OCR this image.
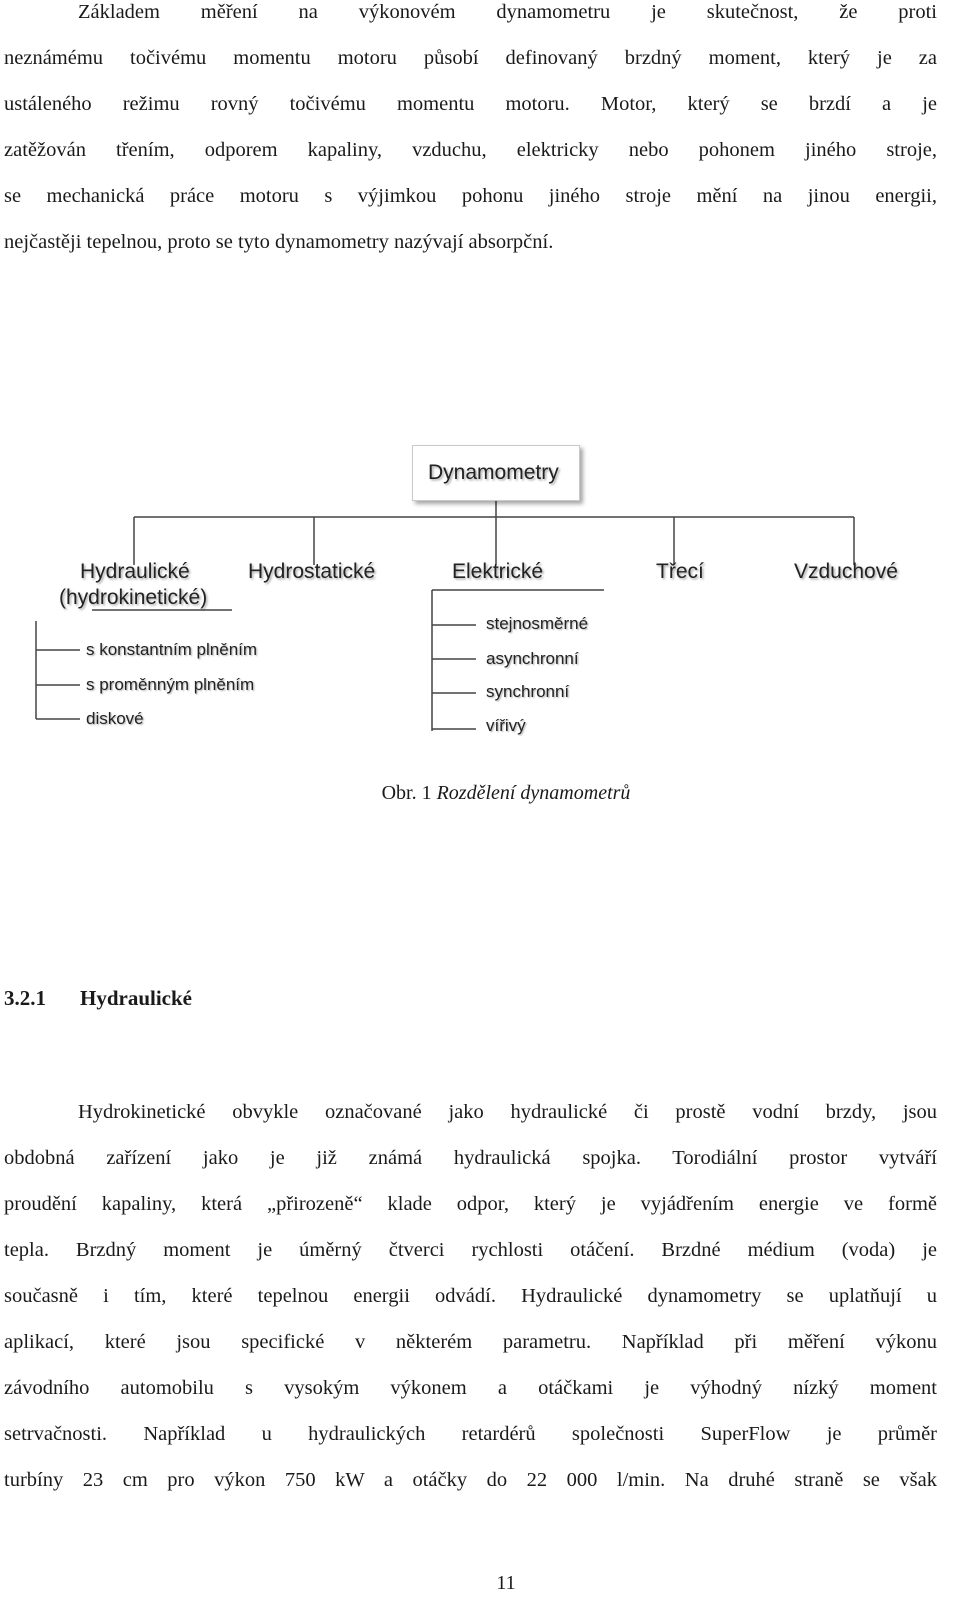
Základem měření na výkonovém dynamometru je skutečnost, že proti
neznámému točivému momentu motoru působí definovaný brzdný moment, který je za
ustáleného režimu rovný točivému momentu motoru. Motor, který se brzdí a je
zatěžován třením, odporem kapaliny, vzduchu, elektricky nebo pohonem jiného stroje,
se mechanická práce motoru s výjimkou pohonu jiného stroje mění na jinou energii,
nejčastěji tepelnou, proto se tyto dynamometry nazývají absorpční.
Dynamometry
Hydraulické
(hydrokinetické)
Hydrostatické	Elektrické	Třecí	Vzduchové
s konstantním plněním
s proměnným plněním
diskové
stejnosměrné
asynchronní
synchronní
vířivý
Obr. 1 Rozdělení dynamometrů
3.2.1 Hydraulické
Hydrokinetické obvykle označované jako hydraulické či prostě vodní brzdy, jsou
obdobná zařízení jako je již známá hydraulická spojka. Torodiální prostor vytváří
proudění kapaliny, která „přirozeně“ klade odpor, který je vyjádřením energie ve formě
tepla. Brzdný moment je úměrný čtverci rychlosti otáčení. Brzdné médium (voda) je
současně i tím, které tepelnou energii odvádí. Hydraulické dynamometry se uplatňují u
aplikací, které jsou specifické v některém parametru. Například při měření výkonu
závodního automobilu s vysokým výkonem a otáčkami je výhodný nízký moment
setrvačnosti. Například u hydraulických retardérů společnosti SuperFlow je průměr
turbíny 23 cm pro výkon 750 kW a otáčky do 22 000 l/min. Na druhé straně se však
11
